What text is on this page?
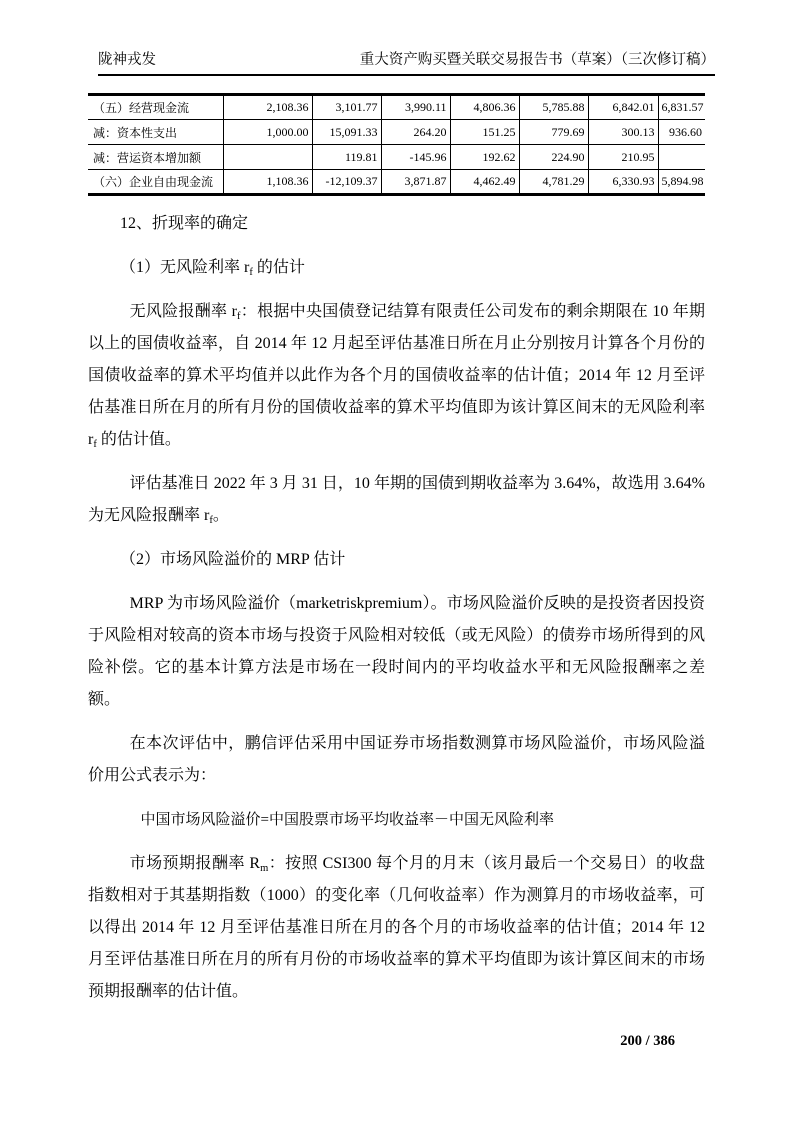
陇神戎发	重大资产购买暨关联交易报告书（草案）（三次修订稿）
（五）经营现金流	2,108.36	3,101.77	3,990.11	4,806.36	5,785.88	6,842.01	6,831.57
减：资本性支出	1,000.00	15,091.33	264.20	151.25	779.69	300.13	936.60
减：营运资本增加额		119.81	-145.96	192.62	224.90	210.95	
（六）企业自由现金流	1,108.36	-12,109.37	3,871.87	4,462.49	4,781.29	6,330.93	5,894.98
12、折现率的确定
（1）无风险利率 $r_f$ 的估计

无风险报酬率 $r_f$：根据中央国债登记结算有限责任公司发布的剩余期限在 10 年期以上的国债收益率，自 2014 年 12 月起至评估基准日所在月止分别按月计算各个月份的国债收益率的算术平均值并以此作为各个月的国债收益率的估计值；2014 年 12 月至评估基准日所在月的所有月份的国债收益率的算术平均值即为该计算区间末的无风险利率 $r_f$ 的估计值。

评估基准日 2022 年 3 月 31 日，10 年期的国债到期收益率为 3.64%，故选用 3.64%为无风险报酬率 $r_f$。

（2）市场风险溢价的 MRP 估计

MRP 为市场风险溢价（marketriskpremium）。市场风险溢价反映的是投资者因投资于风险相对较高的资本市场与投资于风险相对较低（或无风险）的债券市场所得到的风险补偿。它的基本计算方法是市场在一段时间内的平均收益水平和无风险报酬率之差额。

在本次评估中，鹏信评估采用中国证券市场指数测算市场风险溢价，市场风险溢价用公式表示为：

中国市场风险溢价=中国股票市场平均收益率－中国无风险利率

市场预期报酬率 $R_m$：按照 CSI300 每个月的月末（该月最后一个交易日）的收盘指数相对于其基期指数（1000）的变化率（几何收益率）作为测算月的市场收益率，可以得出 2014 年 12 月至评估基准日所在月的各个月的市场收益率的估计值；2014 年 12 月至评估基准日所在月的所有月份的市场收益率的算术平均值即为该计算区间末的市场预期报酬率的估计值。

200 / 386
